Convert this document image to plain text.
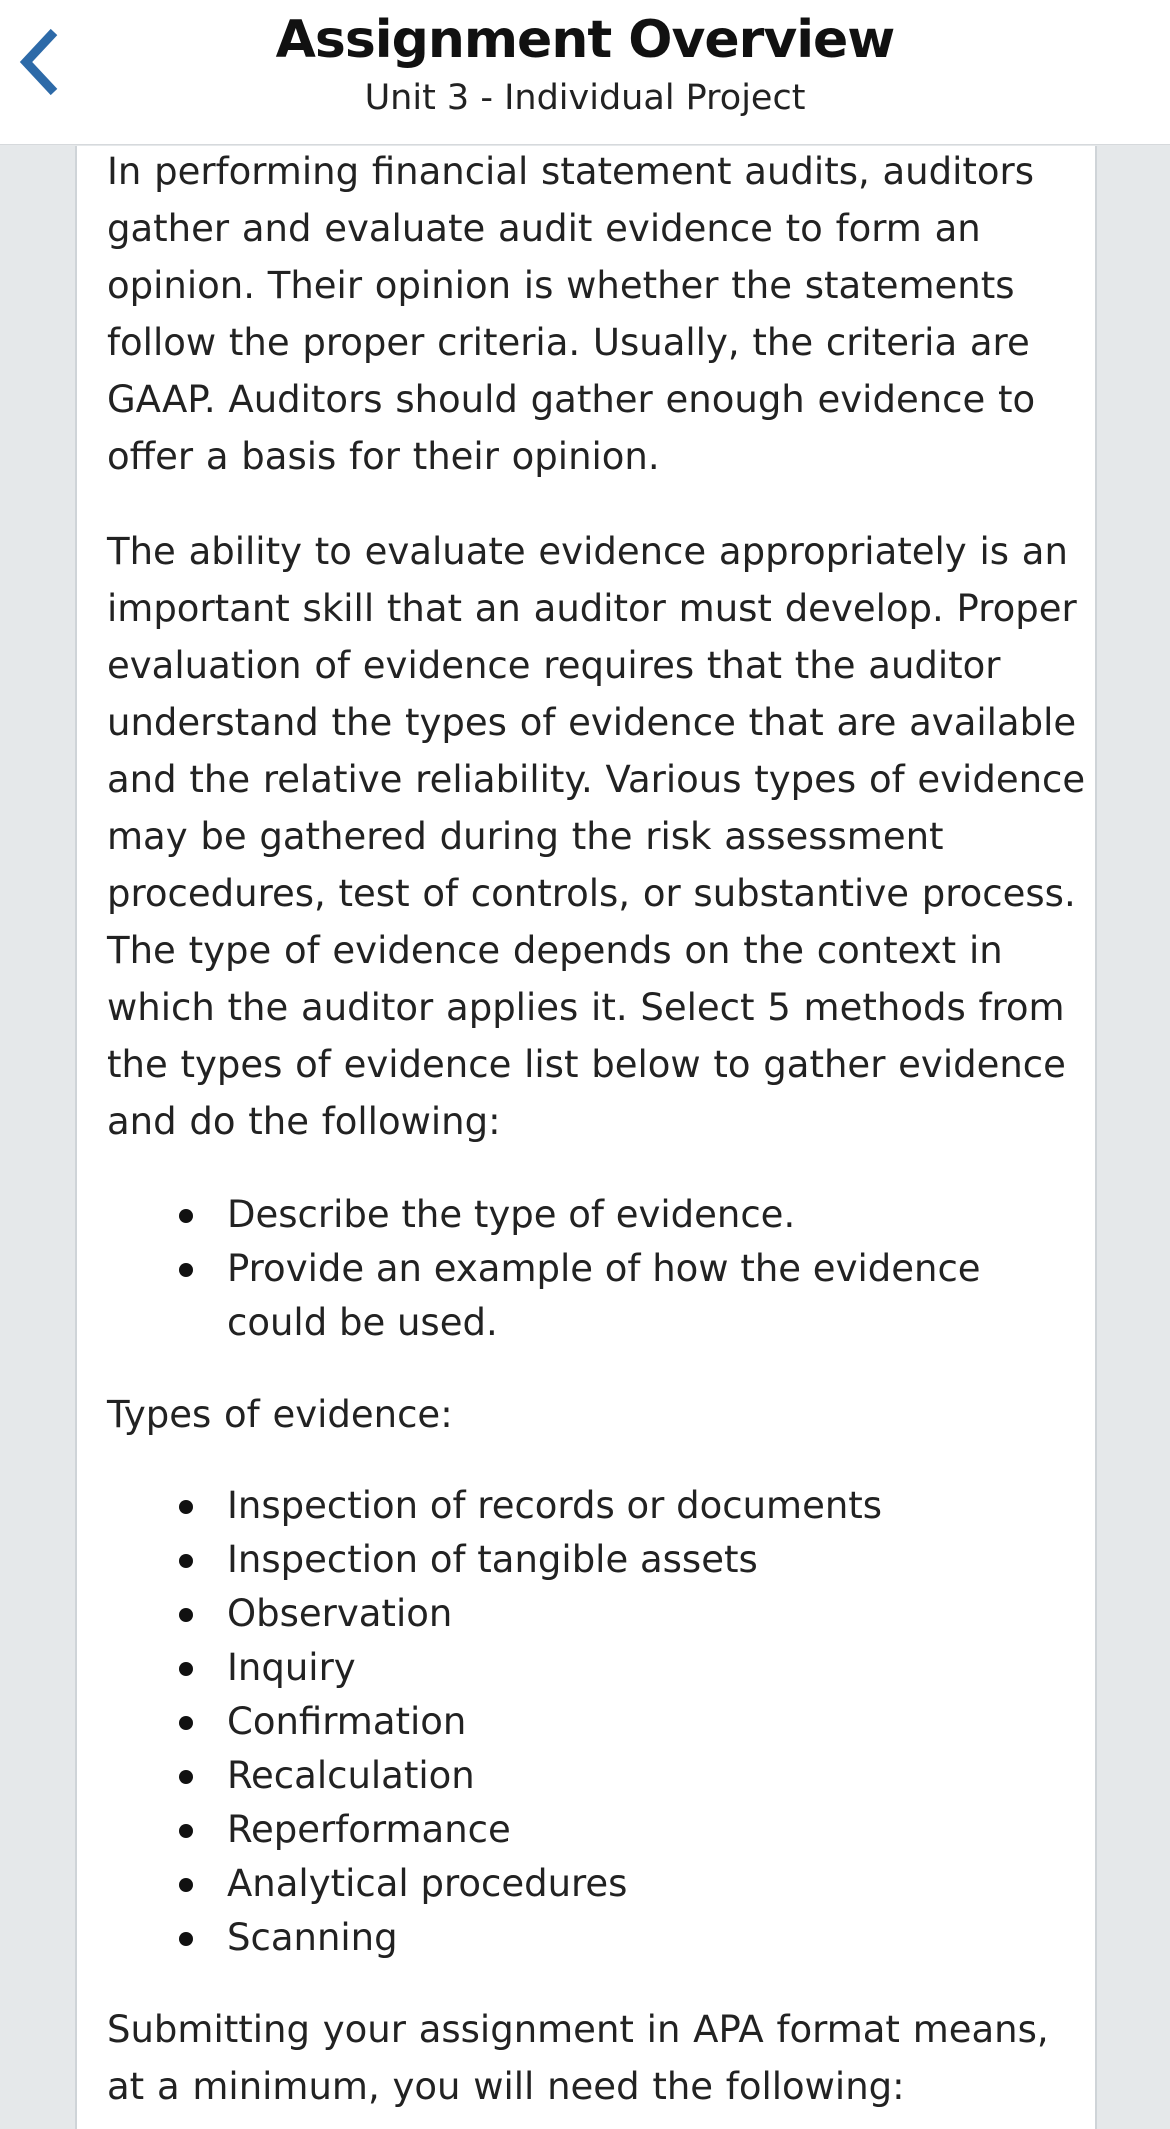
Assignment Overview
Unit 3 - Individual Project

In performing financial statement audits, auditors gather and evaluate audit evidence to form an opinion. Their opinion is whether the statements follow the proper criteria. Usually, the criteria are GAAP. Auditors should gather enough evidence to offer a basis for their opinion.

The ability to evaluate evidence appropriately is an important skill that an auditor must develop. Proper evaluation of evidence requires that the auditor understand the types of evidence that are available and the relative reliability. Various types of evidence may be gathered during the risk assessment procedures, test of controls, or substantive process. The type of evidence depends on the context in which the auditor applies it. Select 5 methods from the types of evidence list below to gather evidence and do the following:

Describe the type of evidence.
Provide an example of how the evidence could be used.

Types of evidence:

Inspection of records or documents
Inspection of tangible assets
Observation
Inquiry
Confirmation
Recalculation
Reperformance
Analytical procedures
Scanning

Submitting your assignment in APA format means, at a minimum, you will need the following:
